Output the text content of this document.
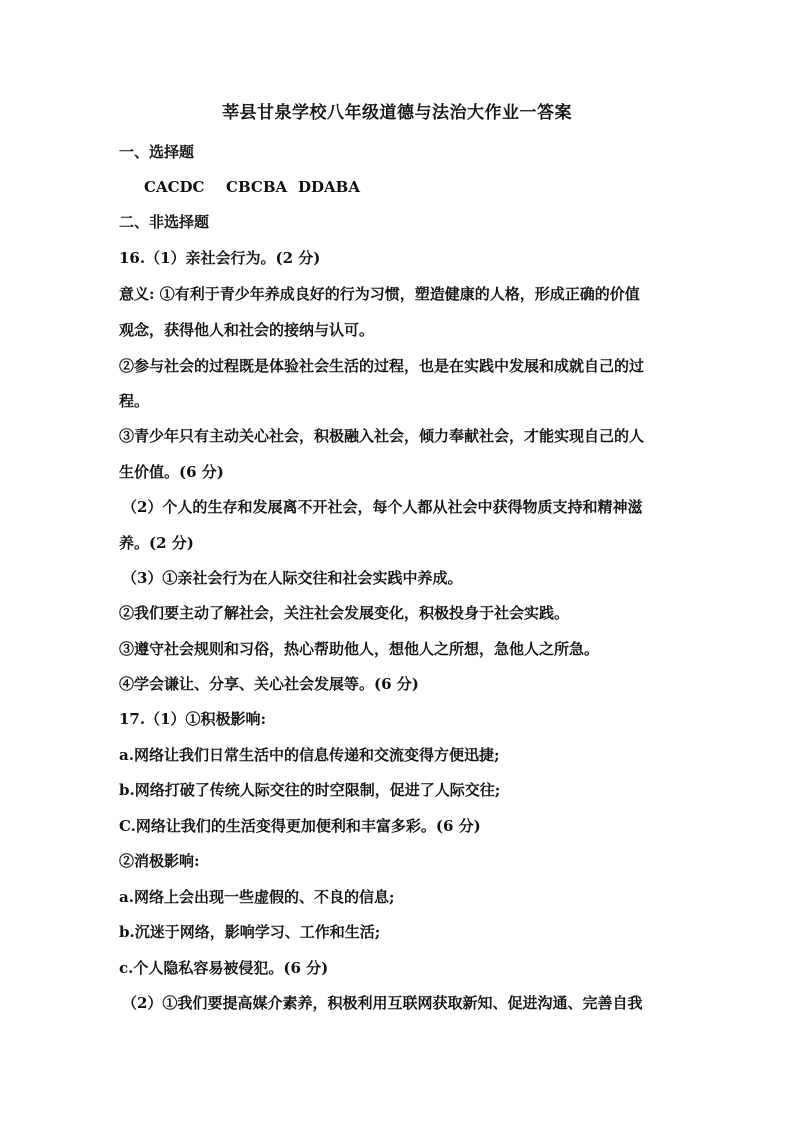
莘县甘泉学校八年级道德与法治大作业一答案
一、选择题
CACDC CBCBA DDABA
二、非选择题
16.（1）亲社会行为。(2 分)
意义: ①有利于青少年养成良好的行为习惯，塑造健康的人格，形成正确的价值
观念，获得他人和社会的接纳与认可。
②参与社会的过程既是体验社会生活的过程，也是在实践中发展和成就自己的过
程。
③青少年只有主动关心社会，积极融入社会，倾力奉献社会，才能实现自己的人
生价值。(6 分)
（2）个人的生存和发展离不开社会，每个人都从社会中获得物质支持和精神滋
养。(2 分)
（3）①亲社会行为在人际交往和社会实践中养成。
②我们要主动了解社会，关注社会发展变化，积极投身于社会实践。
③遵守社会规则和习俗，热心帮助他人，想他人之所想，急他人之所急。
④学会谦让、分享、关心社会发展等。(6 分)
17.（1）①积极影响:
a.网络让我们日常生活中的信息传递和交流变得方便迅捷;
b.网络打破了传统人际交往的时空限制，促进了人际交往;
C.网络让我们的生活变得更加便利和丰富多彩。(6 分)
②消极影响:
a.网络上会出现一些虚假的、不良的信息;
b.沉迷于网络，影响学习、工作和生活;
c.个人隐私容易被侵犯。(6 分)
（2）①我们要提高媒介素养，积极利用互联网获取新知、促进沟通、完善自我
